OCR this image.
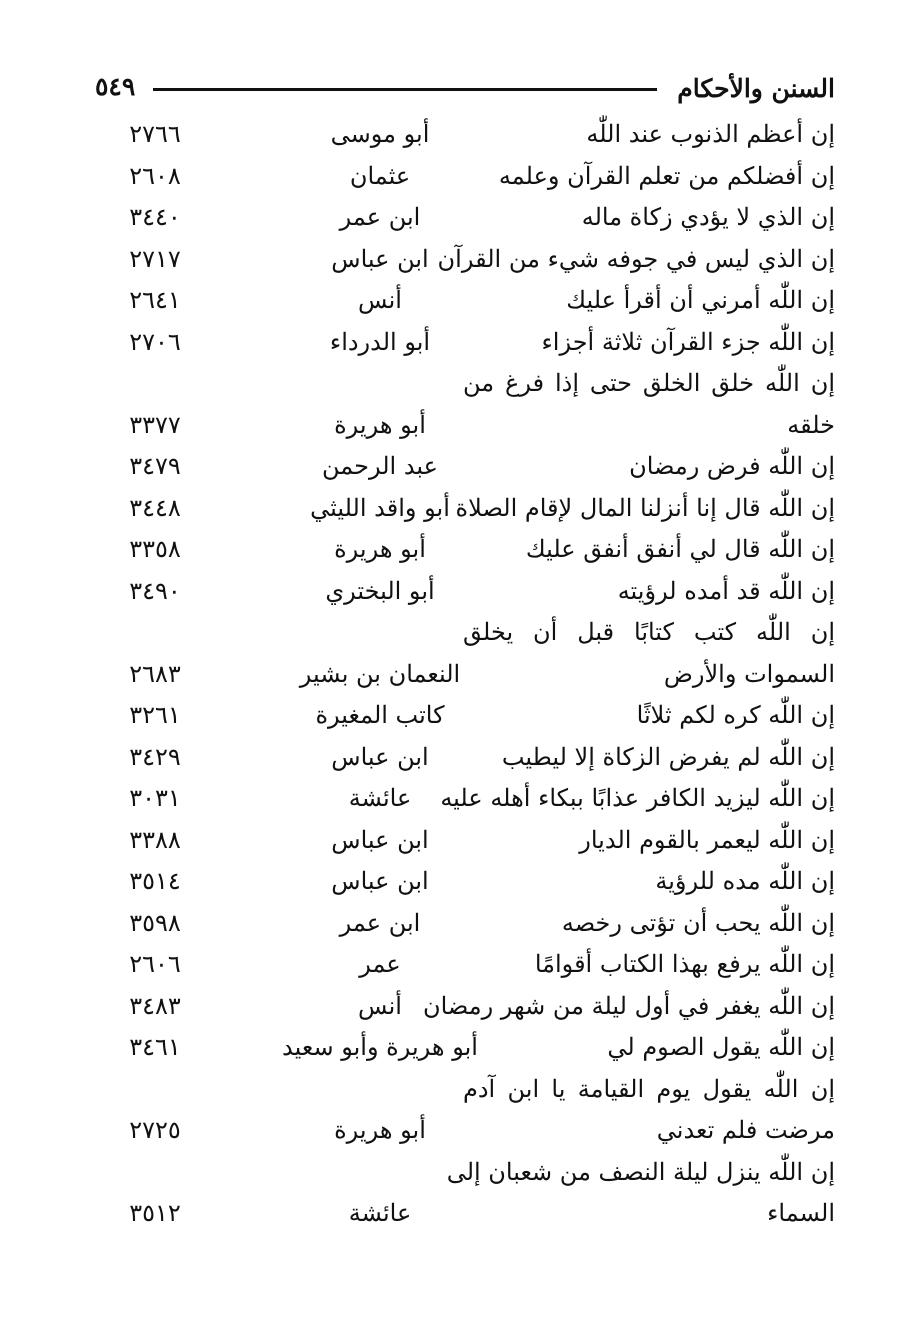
السنن والأحكام
٥٤٩
إن أعظم الذنوب عند اللّٰه
أبو موسى
٢٧٦٦
إن أفضلكم من تعلم القرآن وعلمه
عثمان
٢٦٠٨
إن الذي لا يؤدي زكاة ماله
ابن عمر
٣٤٤٠
إن الذي ليس في جوفه شيء من القرآن
ابن عباس
٢٧١٧
إن اللّٰه أمرني أن أقرأ عليك
أنس
٢٦٤١
إن اللّٰه جزء القرآن ثلاثة أجزاء
أبو الدرداء
٢٧٠٦
إن اللّٰه خلق الخلق حتى إذا فرغ من
خلقه
أبو هريرة
٣٣٧٧
إن اللّٰه فرض رمضان
عبد الرحمن
٣٤٧٩
إن اللّٰه قال إنا أنزلنا المال لإقام الصلاة
أبو واقد الليثي
٣٤٤٨
إن اللّٰه قال لي أنفق أنفق عليك
أبو هريرة
٣٣٥٨
إن اللّٰه قد أمده لرؤيته
أبو البختري
٣٤٩٠
إن اللّٰه كتب كتابًا قبل أن يخلق
السموات والأرض
النعمان بن بشير
٢٦٨٣
إن اللّٰه كره لكم ثلاثًا
كاتب المغيرة
٣٢٦١
إن اللّٰه لم يفرض الزكاة إلا ليطيب
ابن عباس
٣٤٢٩
إن اللّٰه ليزيد الكافر عذابًا ببكاء أهله عليه
عائشة
٣٠٣١
إن اللّٰه ليعمر بالقوم الديار
ابن عباس
٣٣٨٨
إن اللّٰه مده للرؤية
ابن عباس
٣٥١٤
إن اللّٰه يحب أن تؤتى رخصه
ابن عمر
٣٥٩٨
إن اللّٰه يرفع بهذا الكتاب أقوامًا
عمر
٢٦٠٦
إن اللّٰه يغفر في أول ليلة من شهر رمضان
أنس
٣٤٨٣
إن اللّٰه يقول الصوم لي
أبو هريرة وأبو سعيد
٣٤٦١
إن اللّٰه يقول يوم القيامة يا ابن آدم
مرضت فلم تعدني
أبو هريرة
٢٧٢٥
إن اللّٰه ينزل ليلة النصف من شعبان إلى
السماء
عائشة
٣٥١٢
